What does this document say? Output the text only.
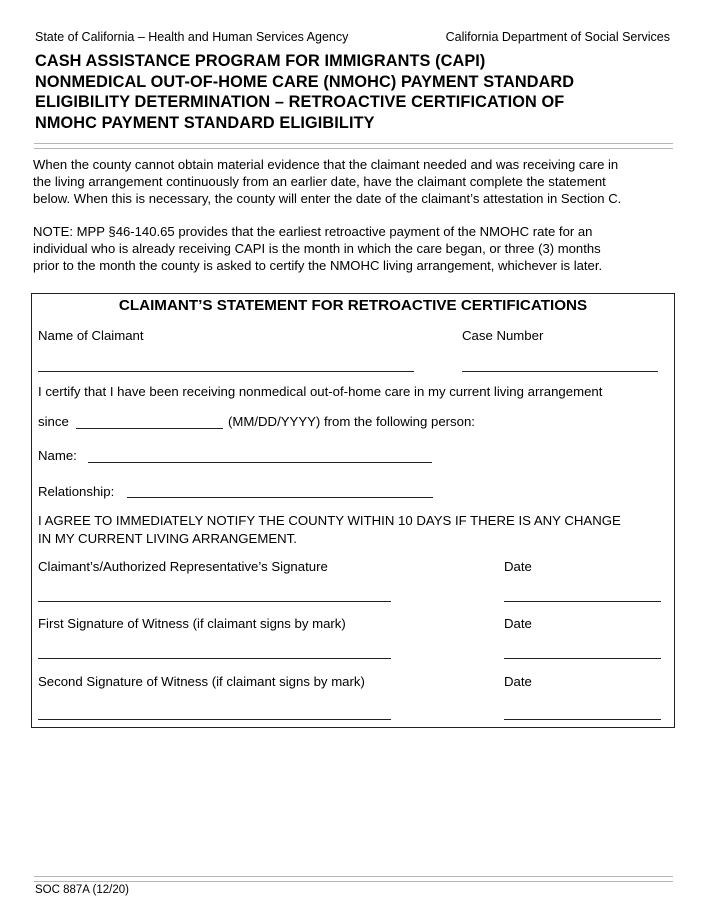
State of California – Health and Human Services Agency	California Department of Social Services
CASH ASSISTANCE PROGRAM FOR IMMIGRANTS (CAPI)
NONMEDICAL OUT-OF-HOME CARE (NMOHC) PAYMENT STANDARD
ELIGIBILITY DETERMINATION – RETROACTIVE CERTIFICATION OF
NMOHC PAYMENT STANDARD ELIGIBILITY
When the county cannot obtain material evidence that the claimant needed and was receiving care in
the living arrangement continuously from an earlier date, have the claimant complete the statement
below. When this is necessary, the county will enter the date of the claimant’s attestation in Section C.
NOTE: MPP §46-140.65 provides that the earliest retroactive payment of the NMOHC rate for an
individual who is already receiving CAPI is the month in which the care began, or three (3) months
prior to the month the county is asked to certify the NMOHC living arrangement, whichever is later.
CLAIMANT’S STATEMENT FOR RETROACTIVE CERTIFICATIONS
Name of Claimant	Case Number
I certify that I have been receiving nonmedical out-of-home care in my current living arrangement
since	(MM/DD/YYYY) from the following person:
Name:
Relationship:
I AGREE TO IMMEDIATELY NOTIFY THE COUNTY WITHIN 10 DAYS IF THERE IS ANY CHANGE
IN MY CURRENT LIVING ARRANGEMENT.
Claimant’s/Authorized Representative’s Signature	Date
First Signature of Witness (if claimant signs by mark)	Date
Second Signature of Witness (if claimant signs by mark)	Date
SOC 887A (12/20)
